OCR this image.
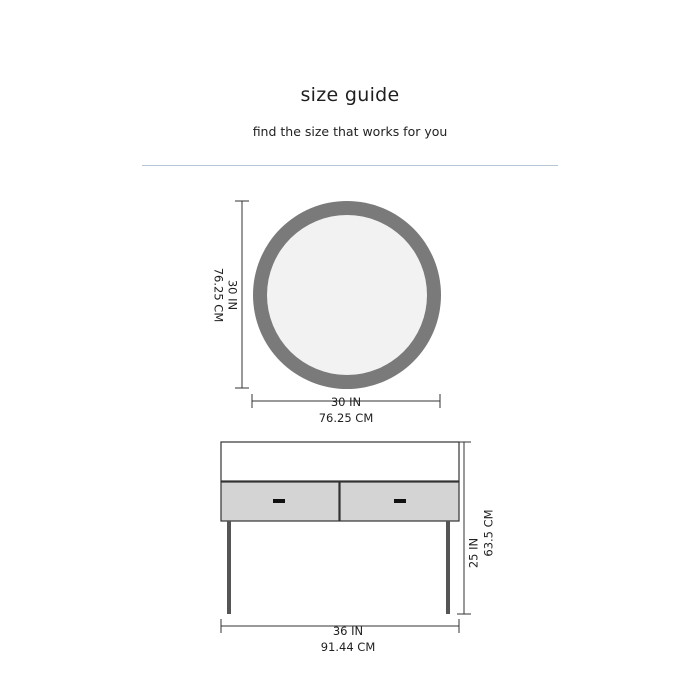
size guide
find the size that works for you
30 IN
76.25 CM
30 IN
76.25 CM
25 IN 63.5 CM
36 IN
91.44 CM
